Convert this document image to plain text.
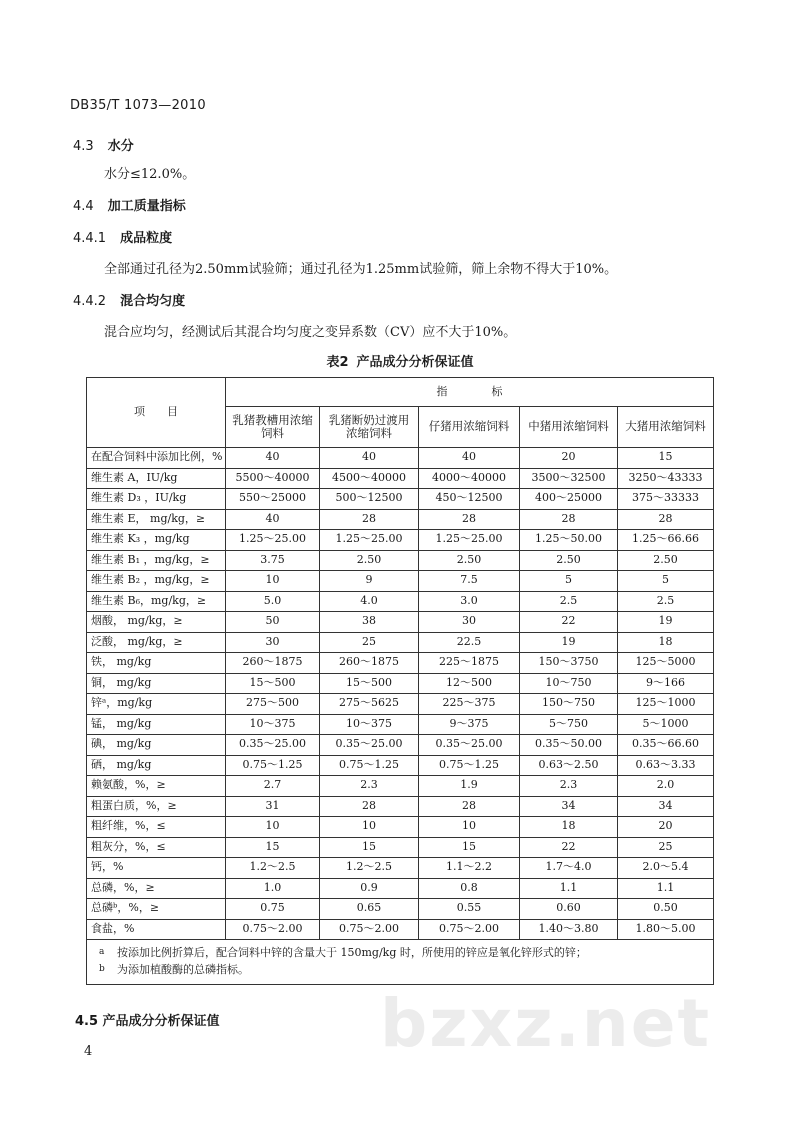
DB35/T 1073—2010
4.3 水分
水分≤12.0%。
4.4 加工质量指标
4.4.1 成品粒度
全部通过孔径为2.50mm试验筛；通过孔径为1.25mm试验筛，筛上余物不得大于10%。
4.4.2 混合均匀度
混合应均匀，经测试后其混合均匀度之变异系数（CV）应不大于10%。
表2 产品成分分析保证值
项　　目	指　　　　标				
	乳猪教槽用浓缩饲料	乳猪断奶过渡用浓缩饲料	仔猪用浓缩饲料	中猪用浓缩饲料	大猪用浓缩饲料
在配合饲料中添加比例，%	40	40	40	20	15
维生素 A，IU/kg	5500～40000	4500～40000	4000～40000	3500～32500	3250～43333
维生素 D₃ ，IU/kg	550～25000	500～12500	450～12500	400～25000	375～33333
维生素 E， mg/kg，≥	40	28	28	28	28
维生素 K₃ ，mg/kg	1.25～25.00	1.25～25.00	1.25～25.00	1.25～50.00	1.25～66.66
维生素 B₁ ，mg/kg，≥	3.75	2.50	2.50	2.50	2.50
维生素 B₂ ，mg/kg，≥	10	9	7.5	5	5
维生素 B₆，mg/kg，≥	5.0	4.0	3.0	2.5	2.5
烟酸， mg/kg，≥	50	38	30	22	19
泛酸， mg/kg，≥	30	25	22.5	19	18
铁， mg/kg	260～1875	260～1875	225～1875	150～3750	125～5000
铜， mg/kg	15～500	15～500	12～500	10～750	9～166
锌ᵃ，mg/kg	275～500	275～5625	225～375	150～750	125～1000
锰， mg/kg	10～375	10～375	9～375	5～750	5～1000
碘， mg/kg	0.35～25.00	0.35～25.00	0.35～25.00	0.35～50.00	0.35～66.60
硒， mg/kg	0.75～1.25	0.75～1.25	0.75～1.25	0.63～2.50	0.63～3.33
赖氨酸，%，≥	2.7	2.3	1.9	2.3	2.0
粗蛋白质，%，≥	31	28	28	34	34
粗纤维，%，≤	10	10	10	18	20
粗灰分，%，≤	15	15	15	22	25
钙，%	1.2～2.5	1.2～2.5	1.1～2.2	1.7～4.0	2.0～5.4
总磷，%，≥	1.0	0.9	0.8	1.1	1.1
总磷ᵇ，%，≥	0.75	0.65	0.55	0.60	0.50
食盐，%	0.75～2.00	0.75～2.00	0.75～2.00	1.40～3.80	1.80～5.00

a 按添加比例折算后，配合饲料中锌的含量大于 150mg/kg 时，所使用的锌应是氧化锌形式的锌；
b 为添加植酸酶的总磷指标。					
4.5 产品成分分析保证值
4	bzxz.net
